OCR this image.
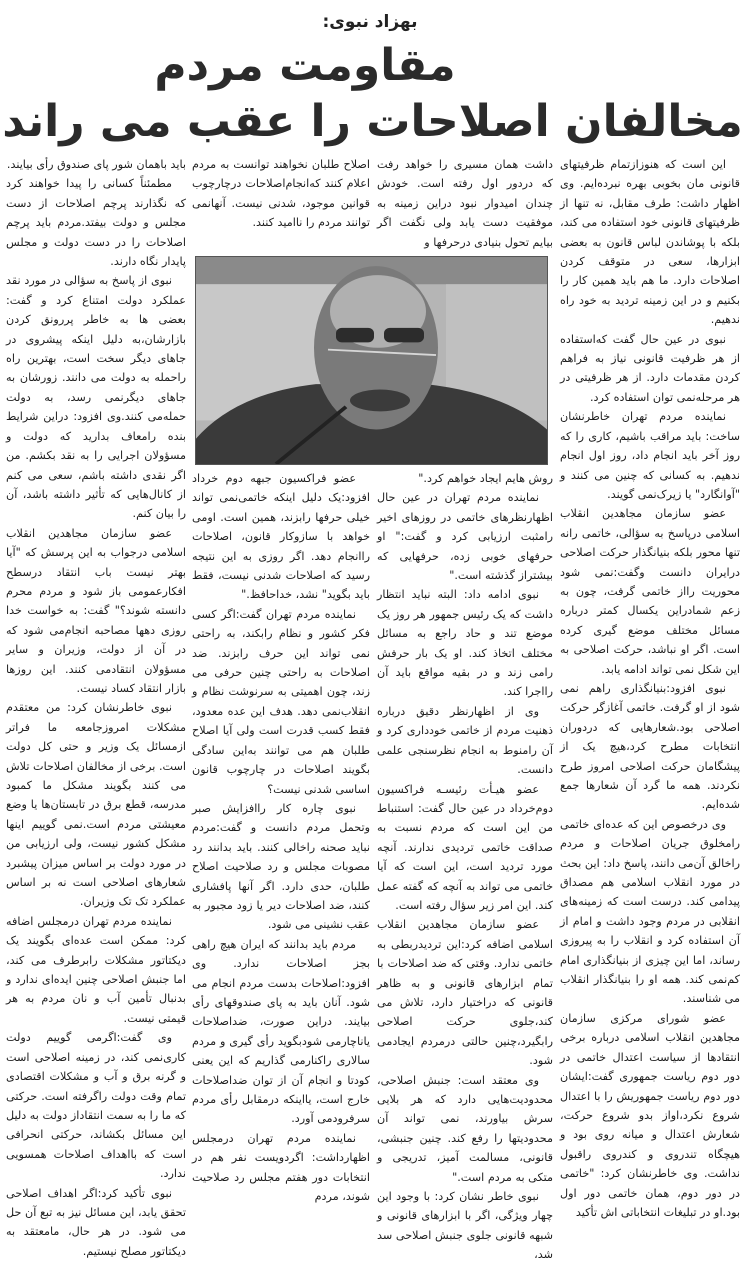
بهزاد نبوی:
مقاومت مردم
مخالفان اصلاحات را عقب می راند

این است که هنوزازتمام ظرفیتهای قانونی مان بخوبی بهره نبرده‌ایم. وی اظهار داشت: طرف مقابل، نه تنها از ظرفیتهای قانونی خود استفاده می کند، بلکه با پوشاندن لباس قانون به بعضی ابزارها، سعی در متوقف کردن اصلاحات دارد. ما هم باید همین کار را بکنیم و در این زمینه تردید به خود راه ندهیم.

نبوی در عین حال گفت که‌استفاده از هر ظرفیت قانونی نیاز به فراهم کردن مقدمات دارد. از هر ظرفیتی در هر مرحله‌نمی توان استفاده کرد.

نماینده مردم تهران خاطرنشان ساخت: باید مراقب باشیم، کاری را که روز آخر باید انجام داد، روز اول انجام ندهیم. به کسانی که چنین می کنند و "آوانگارد" یا زیرک‌نمی گویند.

عضو سازمان مجاهدین انقلاب اسلامی درپاسخ به سؤالی، خاتمی رانه تنها محور بلکه بنیانگذار حرکت اصلاحی درایران دانست وگفت:نمی شود محوریت رااز خاتمی گرفت، چون به زعم شمادراین یکسال کمتر درباره مسائل مختلف موضع گیری کرده است. اگر او نباشد، حرکت اصلاحی به این شکل نمی تواند ادامه یابد.

نبوی افزود:بنیانگذاری راهم نمی شود از او گرفت. خاتمی آغازگر حرکت اصلاحی بود.شعارهایی که دردوران انتخابات مطرح کرد،هیچ یک از پیشگامان حرکت اصلاحی امروز طرح نکردند. همه ما گرد آن شعارها جمع شده‌ایم.

وی درخصوص این که عده‌ای خاتمی رامخلوق جریان اصلاحات و مردم راخالق آن‌می دانند، پاسخ داد: این بحث در مورد انقلاب اسلامی هم مصداق پیدامی کند. درست است که زمینه‌های انقلابی در مردم وجود داشت و امام از آن استفاده کرد و انقلاب را به پیروزی رساند، اما این چیزی از بنیانگذاری امام کم‌نمی کند. همه او را بنیانگذار انقلاب می شناسند.

عضو شورای مرکزی سازمان مجاهدین انقلاب اسلامی درباره برخی انتقادها از سیاست اعتدال خاتمی در دور دوم ریاست جمهوری گفت:ایشان دور دوم ریاست جمهوریش را با اعتدال شروع نکرد،اواز بدو شروع حرکت، شعارش اعتدال و میانه روی بود و هیچگاه تندروی و کندروی راقبول نداشت. وی خاطرنشان کرد: "خاتمی در دور دوم، همان خاتمی دور اول بود.او در تبلیغات انتخاباتی اش تأکید

داشت همان مسیری را خواهد رفت که دردور اول رفته است. خودش چندان امیدوار نبود دراین زمینه به موفقیت دست یابد ولی نگفت اگر بیایم تحول بنیادی درحرفها و

اصلاح طلبان نخواهند توانست به مردم اعلام کنند که‌انجام‌اصلاحات درچارچوب قوانین موجود، شدنی نیست. آنهانمی توانند مردم را ناامید کنند.

روش هایم ایجاد خواهم کرد."

نماینده مردم تهران در عین حال اظهارنظرهای خاتمی در روزهای اخیر رامثبت ارزیابی کرد و گفت:" او حرفهای خوبی زده، حرفهایی که بیشتراز گذشته است."

نبوی ادامه داد: البته نباید انتظار داشت که یک رئیس جمهور هر روز یک موضع تند و حاد راجع به مسائل مختلف اتخاذ کند. او یک بار حرفش رامی زند و در بقیه مواقع باید آن رااجرا کند.

وی از اظهارنظر دقیق درباره ذهنیت مردم از خاتمی خودداری کرد و آن رامنوط به انجام نظرسنجی علمی دانست.

عضو هیـأت رئیسـه فراکسیون دوم‌خرداد در عین حال گفت: استنباط من این است که مردم نسبت به صداقت خاتمی تردیدی ندارند. آنچه مورد تردید است، این است که آیا خاتمی می تواند به آنچه که گفته عمل کند. این امر زیر سؤال رفته است.

عضو سازمان مجاهدین انقلاب اسلامی اضافه کرد:این تردیدربطی به خاتمی ندارد. وقتی که ضد اصلاحات با تمام ابزارهای قانونی و به ظاهر قانونی که دراختیار دارد، تلاش می کند،جلوی حرکت اصلاحی رابگیرد،چنین حالتی درمردم ایجادمی شود.

وی معتقد است: جنبش اصلاحی، محدودیت‌هایی دارد که هر بلایی سرش بیاورند، نمی تواند آن محدودیتها را رفع کند. چنین جنبشی، قانونی، مسالمت آمیز، تدریجی و متکی به مردم است."

نبوی خاطر نشان کرد: با وجود این چهار ویژگی، اگر با ابزارهای قانونی و شبهه قانونی جلوی جنبش اصلاحی سد شد،

عضو فراکسیون جبهه دوم خرداد افزود:یک دلیل اینکه خاتمی‌نمی تواند خیلی حرفها رابزند، همین است. اومی خواهد با سازوکار قانون، اصلاحات راانجام دهد. اگر روزی به این نتیجه رسید که اصلاحات شدنی نیست، فقط باید بگوید" نشد، خداحافظ."

نماینده مردم تهران گفت:اگر کسی فکر کشور و نظام رابکند، به راحتی نمی تواند این حرف رابزند. ضد اصلاحات به راحتی چنین حرفی می زند، چون اهمیتی به سرنوشت نظام و انقلاب‌نمی دهد. هدف این عده معدود، فقط کسب قدرت است ولی آیا اصلاح طلبان هم می توانند به‌این سادگی بگویند اصلاحات در چارچوب قانون اساسی شدنی نیست؟

نبوی چاره کار راافزایش صبر وتحمل مردم دانست و گفت:مردم نباید صحنه راخالی کنند. باید بدانند رد مصوبات مجلس و رد صلاحیت اصلاح طلبان، حدی دارد. اگر آنها پافشاری کنند، ضد اصلاحات دیر یا زود مجبور به عقب نشینی می شود.

مردم باید بدانند که ایران هیچ راهی بجز اصلاحات ندارد. وی افزود:اصلاحات بدست مردم انجام می شود. آنان باید به پای صندوقهای رأی بیایند. دراین صورت، ضداصلاحات یاناچارمی شودبگوید رأی گیری و مردم سالاری راکنارمی گذاریم که این یعنی کودتا و انجام آن از توان ضداصلاحات خارج است، یااینکه درمقابل رأی مردم سرفرودمی آورد.

نماینده مردم تهران درمجلس اظهارداشت: اگردویست نفر هم در انتخابات دور هفتم مجلس رد صلاحیت شوند، مردم

باید باهمان شور پای صندوق رأی بیایند.

مطمئناً کسانی را پیدا خواهند کرد که نگذارند پرچم اصلاحات از دست مجلس و دولت بیفتد.مردم باید پرچم اصلاحات را در دست دولت و مجلس پایدار نگاه دارند.

نبوی از پاسخ به سؤالی در مورد نقد عملکرد دولت امتناع کرد و گفت: بعضی ها به خاطر پررونق کردن بازارشان،به دلیل اینکه پیشروی در جاهای دیگر سخت است، بهترین راه راحمله به دولت می دانند. زورشان به جاهای دیگرنمی رسد، به دولت حمله‌می کنند.وی افزود: دراین شرایط بنده رامعاف بدارید که دولت و مسؤولان اجرایی را به نقد بکشم. من اگر نقدی داشته باشم، سعی می کنم از کانال‌هایی که تأثیر داشته باشد، آن را بیان کنم.

عضو سازمان مجاهدین انقلاب اسلامی درجواب به این پرسش که "آیا بهتر نیست باب انتقاد درسطح افکارعمومی باز شود و مردم محرم دانسته شوند؟" گفت: به خواست خدا روزی دهها مصاحبه انجام‌می شود که در آن از دولت، وزیران و سایر مسؤولان انتقادمی کنند. این روزها بازار انتقاد کساد نیست.

نبوی خاطرنشان کرد: من معتقدم مشکلات امروزجامعه ما فراتر ازمسائل یک وزیر و حتی کل دولت است. برخی از مخالفان اصلاحات تلاش می کنند بگویند مشکل ما کمبود مدرسه، قطع برق در تابستان‌ها یا وضع معیشتی مردم است.نمی گوییم اینها مشکل کشور نیست، ولی ارزیابی من در مورد دولت بر اساس میزان پیشبرد شعارهای اصلاحی است نه بر اساس عملکرد تک تک وزیران.

نماینده مردم تهران درمجلس اضافه کرد: ممکن است عده‌ای بگویند یک دیکتاتور مشکلات رابرطرف می کند، اما جنبش اصلاحی چنین ایده‌ای ندارد و بدنبال تأمین آب و نان مردم به هر قیمتی نیست.

وی گفت:اگرمی گوییم دولت کاری‌نمی کند، در زمینه اصلاحی است و گرنه برق و آب و مشکلات اقتصادی تمام وقت دولت راگرفته است. حرکتی که ما را به سمت انتقاداز دولت به دلیل این مسائل بکشاند، حرکتی انحرافی است که بااهداف اصلاحات همسویی ندارد.

نبوی تأکید کرد:اگر اهداف اصلاحی تحقق یابد، این مسائل نیز به تبع آن حل می شود. در هر حال، مامعتقد به دیکتاتور مصلح نیستیم.
